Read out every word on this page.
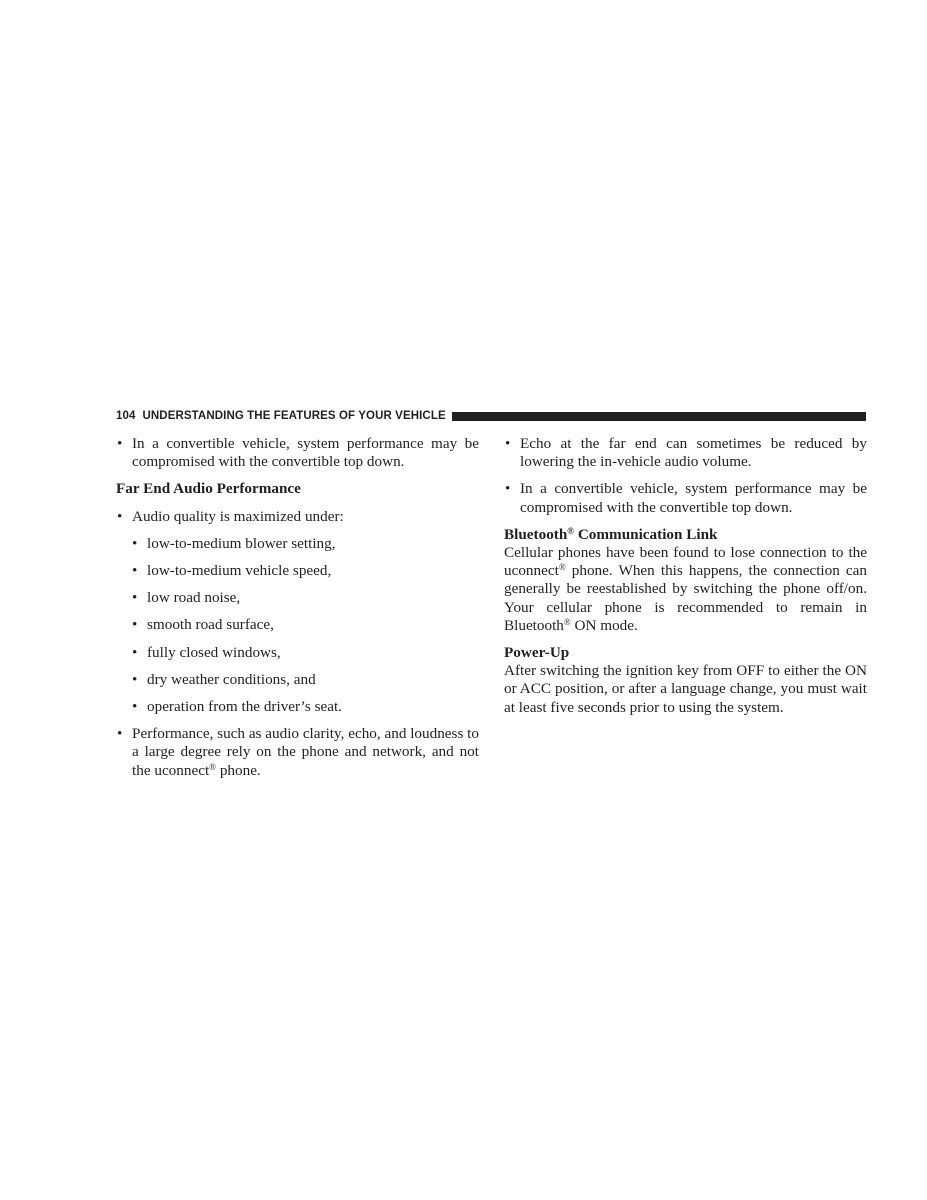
104 UNDERSTANDING THE FEATURES OF YOUR VEHICLE
• In a convertible vehicle, system performance may be compromised with the convertible top down.
Far End Audio Performance
• Audio quality is maximized under:
• low-to-medium blower setting,
• low-to-medium vehicle speed,
• low road noise,
• smooth road surface,
• fully closed windows,
• dry weather conditions, and
• operation from the driver’s seat.
• Performance, such as audio clarity, echo, and loudness to a large degree rely on the phone and network, and not the uconnect® phone.
• Echo at the far end can sometimes be reduced by lowering the in-vehicle audio volume.
• In a convertible vehicle, system performance may be compromised with the convertible top down.
Bluetooth® Communication Link
Cellular phones have been found to lose connection to the uconnect® phone. When this happens, the connection can generally be reestablished by switching the phone off/on. Your cellular phone is recommended to remain in Bluetooth® ON mode.
Power-Up
After switching the ignition key from OFF to either the ON or ACC position, or after a language change, you must wait at least five seconds prior to using the system.
